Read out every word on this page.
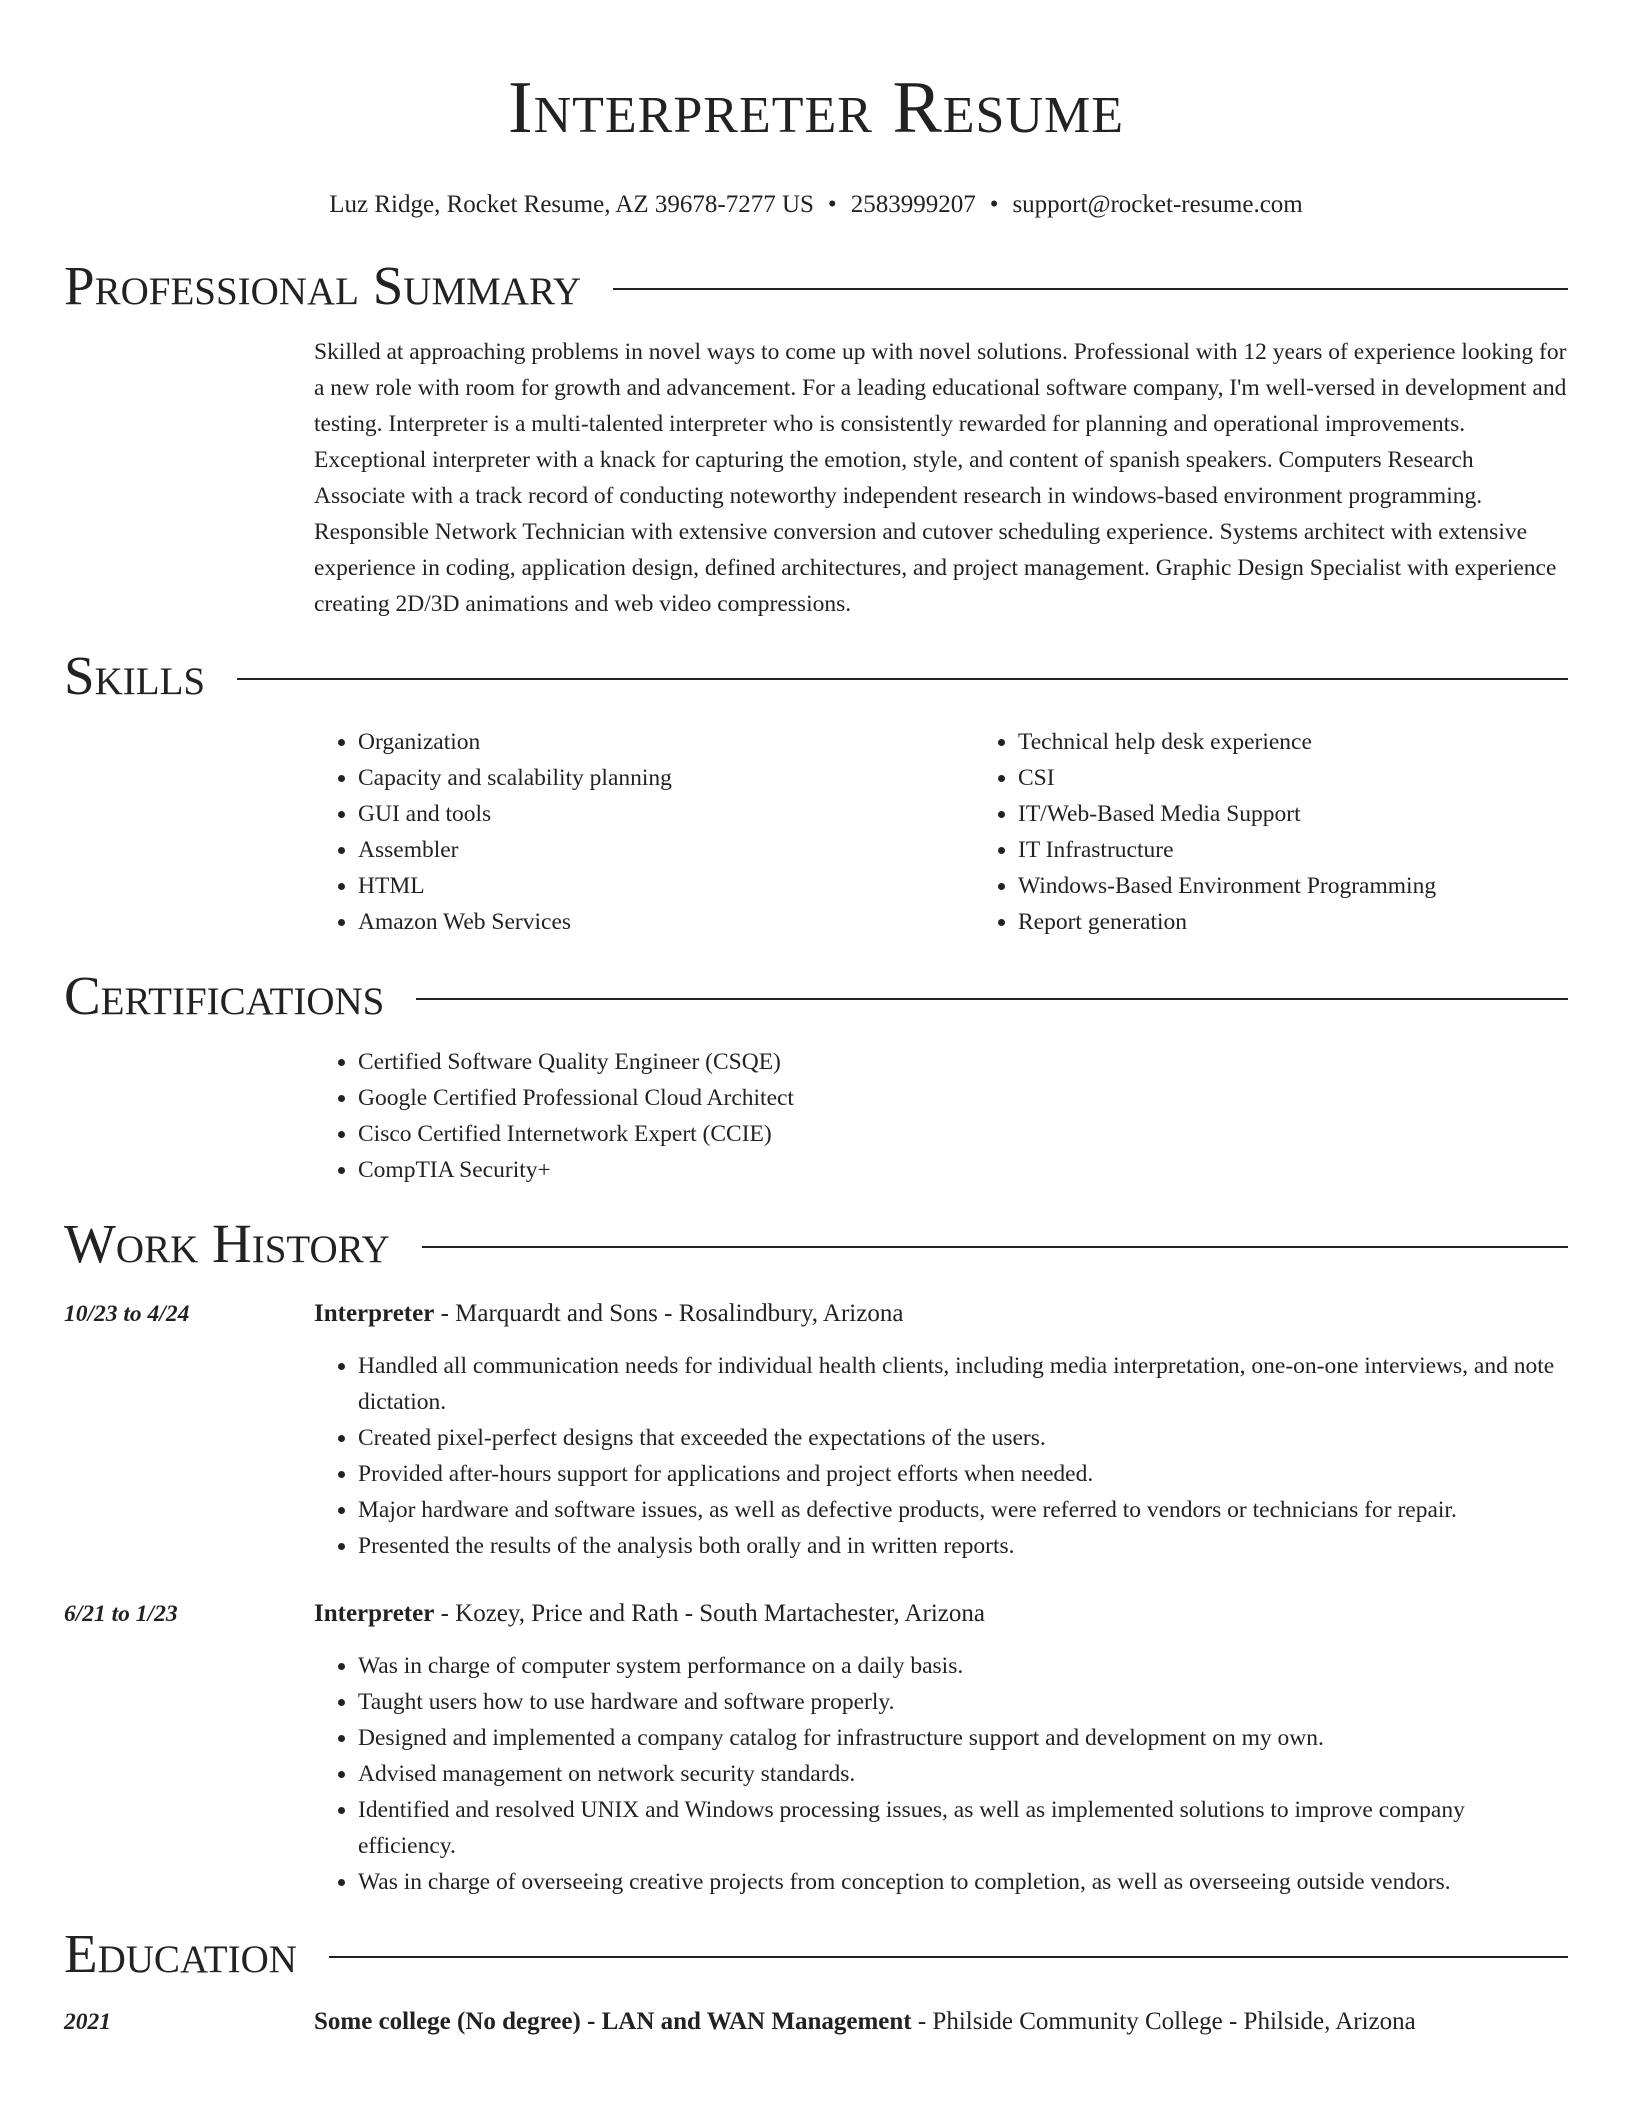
Interpreter Resume
Luz Ridge, Rocket Resume, AZ 39678-7277 US • 2583999207 • support@rocket-resume.com
Professional Summary

Skilled at approaching problems in novel ways to come up with novel solutions. Professional with 12 years of experience looking for a new role with room for growth and advancement. For a leading educational software company, I'm well-versed in development and testing. Interpreter is a multi-talented interpreter who is consistently rewarded for planning and operational improvements. Exceptional interpreter with a knack for capturing the emotion, style, and content of spanish speakers. Computers Research Associate with a track record of conducting noteworthy independent research in windows-based environment programming. Responsible Network Technician with extensive conversion and cutover scheduling experience. Systems architect with extensive experience in coding, application design, defined architectures, and project management. Graphic Design Specialist with experience creating 2D/3D animations and web video compressions.

Skills
• Organization
• Capacity and scalability planning
• GUI and tools
• Assembler
• HTML
• Amazon Web Services
• Technical help desk experience
• CSI
• IT/Web-Based Media Support
• IT Infrastructure
• Windows-Based Environment Programming
• Report generation
Certifications
• Certified Software Quality Engineer (CSQE)
• Google Certified Professional Cloud Architect
• Cisco Certified Internetwork Expert (CCIE)
• CompTIA Security+
Work History
10/23 to 4/24	Interpreter - Marquardt and Sons - Rosalindbury, Arizona
• Handled all communication needs for individual health clients, including media interpretation, one-on-one interviews, and note dictation.
• Created pixel-perfect designs that exceeded the expectations of the users.
• Provided after-hours support for applications and project efforts when needed.
• Major hardware and software issues, as well as defective products, were referred to vendors or technicians for repair.
• Presented the results of the analysis both orally and in written reports.
6/21 to 1/23	Interpreter - Kozey, Price and Rath - South Martachester, Arizona
• Was in charge of computer system performance on a daily basis.
• Taught users how to use hardware and software properly.
• Designed and implemented a company catalog for infrastructure support and development on my own.
• Advised management on network security standards.
• Identified and resolved UNIX and Windows processing issues, as well as implemented solutions to improve company efficiency.
• Was in charge of overseeing creative projects from conception to completion, as well as overseeing outside vendors.
Education
2021	Some college (No degree) - LAN and WAN Management - Philside Community College - Philside, Arizona
